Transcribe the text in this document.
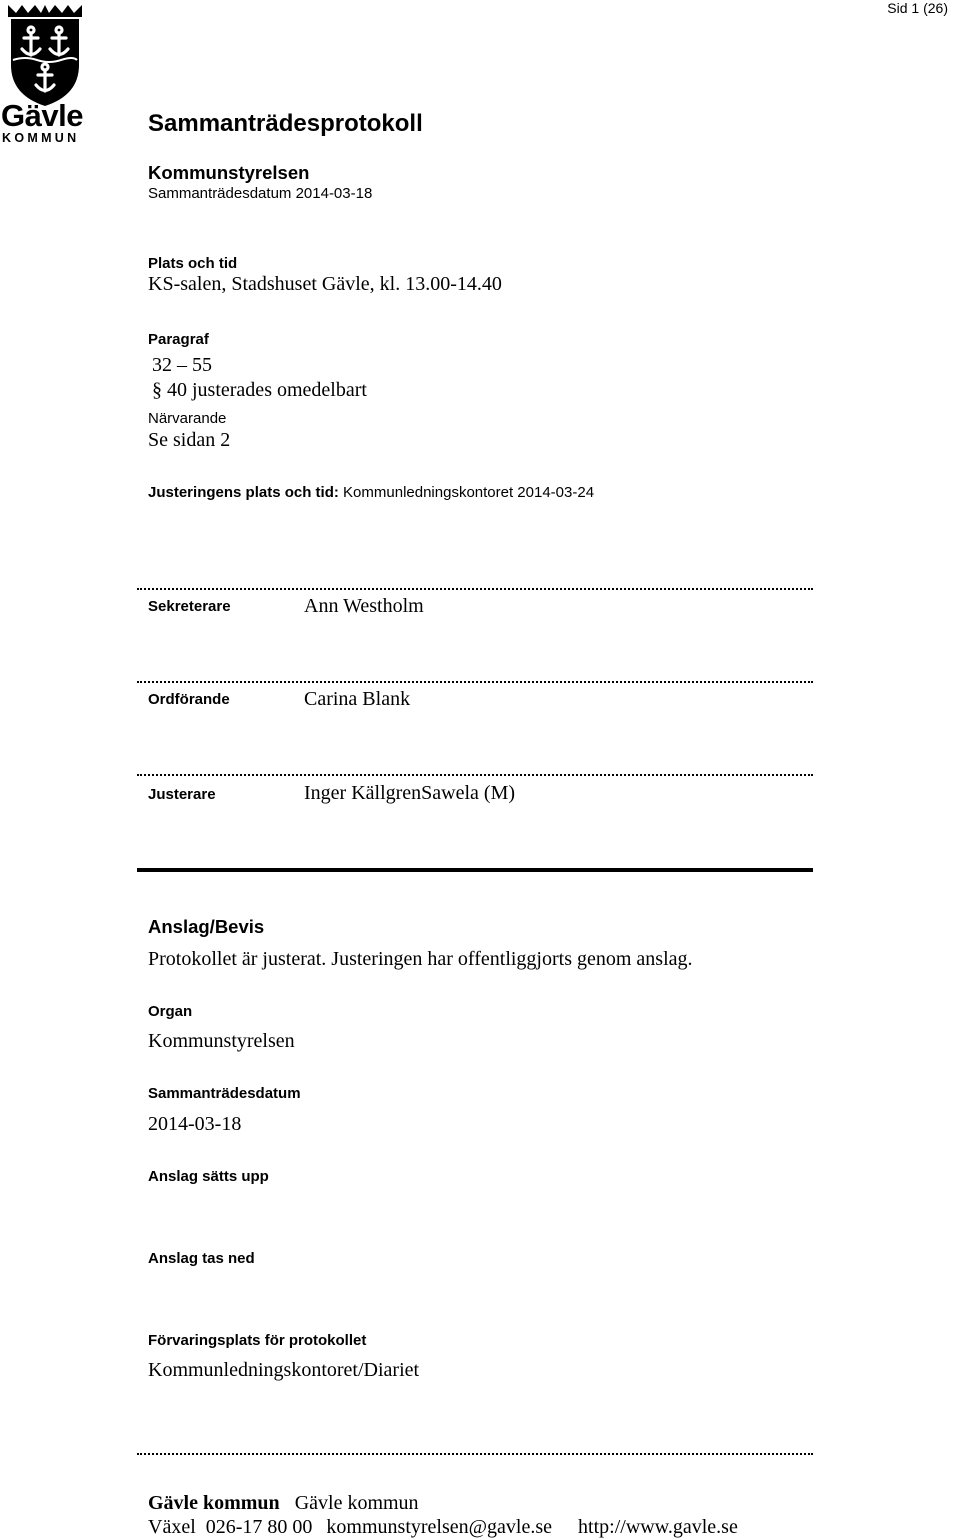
Sid 1 (26)
Gävle
KOMMUN
Sammanträdesprotokoll
Kommunstyrelsen
Sammanträdesdatum 2014-03-18
Plats och tid
KS-salen, Stadshuset Gävle, kl. 13.00-14.40
Paragraf
32 – 55
§ 40 justerades omedelbart
Närvarande
Se sidan 2
Justeringens plats och tid: Kommunledningskontoret 2014-03-24
Sekreterare	Ann Westholm
Ordförande	Carina Blank
Justerare	Inger KällgrenSawela (M)
Anslag/Bevis
Protokollet är justerat. Justeringen har offentliggjorts genom anslag.
Organ
Kommunstyrelsen
Sammanträdesdatum
2014-03-18
Anslag sätts upp
Anslag tas ned
Förvaringsplats för protokollet
Kommunledningskontoret/Diariet
Gävle kommun Gävle kommun
Växel  026-17 80 00 kommunstyrelsen@gavle.se http://www.gavle.se
